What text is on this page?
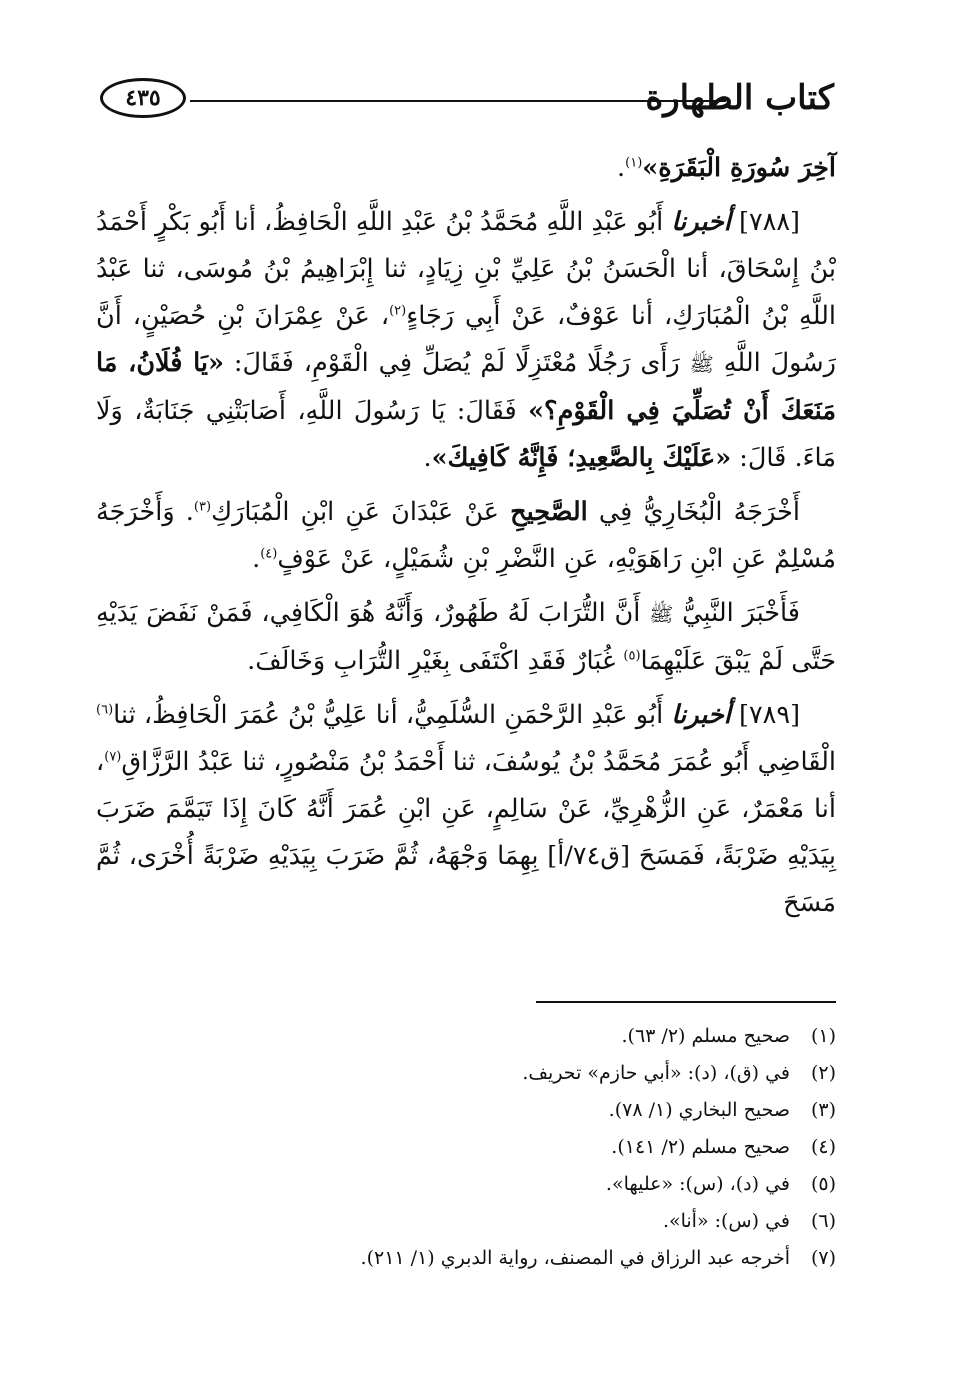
كتاب الطهارة
٤٣٥

آخِرَ سُورَةِ الْبَقَرَةِ»$^{(١)}$.

[٧٨٨] أخبرنا أَبُو عَبْدِ اللَّهِ مُحَمَّدُ بْنُ عَبْدِ اللَّهِ الْحَافِظُ، أنا أَبُو بَكْرٍ أَحْمَدُ بْنُ إِسْحَاقَ، أنا الْحَسَنُ بْنُ عَلِيِّ بْنِ زِيَادٍ، ثنا إِبْرَاهِيمُ بْنُ مُوسَى، ثنا عَبْدُ اللَّهِ بْنُ الْمُبَارَكِ، أنا عَوْفٌ، عَنْ أَبِي رَجَاءٍ$^{(٢)}$، عَنْ عِمْرَانَ بْنِ حُصَيْنٍ، أَنَّ رَسُولَ اللَّهِ ﷺ رَأَى رَجُلًا مُعْتَزِلًا لَمْ يُصَلِّ فِي الْقَوْمِ، فَقَالَ: «يَا فُلَانُ، مَا مَنَعَكَ أَنْ تُصَلِّيَ فِي الْقَوْمِ؟» فَقَالَ: يَا رَسُولَ اللَّهِ، أَصَابَتْنِي جَنَابَةٌ، وَلَا مَاءَ. قَالَ: «عَلَيْكَ بِالصَّعِيدِ؛ فَإِنَّهُ كَافِيكَ».

أَخْرَجَهُ الْبُخَارِيُّ فِي الصَّحِيحِ عَنْ عَبْدَانَ عَنِ ابْنِ الْمُبَارَكِ$^{(٣)}$. وَأَخْرَجَهُ مُسْلِمٌ عَنِ ابْنِ رَاهَوَيْهِ، عَنِ النَّضْرِ بْنِ شُمَيْلٍ، عَنْ عَوْفٍ$^{(٤)}$.

فَأَخْبَرَ النَّبِيُّ ﷺ أَنَّ التُّرَابَ لَهُ طَهُورٌ، وَأَنَّهُ هُوَ الْكَافِي، فَمَنْ نَفَضَ يَدَيْهِ حَتَّى لَمْ يَبْقَ عَلَيْهِمَا$^{(٥)}$ غُبَارٌ فَقَدِ اكْتَفَى بِغَيْرِ التُّرَابِ وَخَالَفَ.

[٧٨٩] أخبرنا أَبُو عَبْدِ الرَّحْمَنِ السُّلَمِيُّ، أنا عَلِيُّ بْنُ عُمَرَ الْحَافِظُ، ثنا$^{(٦)}$ الْقَاضِي أَبُو عُمَرَ مُحَمَّدُ بْنُ يُوسُفَ، ثنا أَحْمَدُ بْنُ مَنْصُورٍ، ثنا عَبْدُ الرَّزَّاقِ$^{(٧)}$، أنا مَعْمَرٌ، عَنِ الزُّهْرِيِّ، عَنْ سَالِمٍ، عَنِ ابْنِ عُمَرَ أَنَّهُ كَانَ إِذَا تَيَمَّمَ ضَرَبَ بِيَدَيْهِ ضَرْبَةً، فَمَسَحَ [ق٧٤/أ] بِهِمَا وَجْهَهُ، ثُمَّ ضَرَبَ بِيَدَيْهِ ضَرْبَةً أُخْرَى، ثُمَّ مَسَحَ

(١)
صحيح مسلم (٢/ ٦٣).
(٢)
في (ق)، (د): «أبي حازم» تحريف.
(٣)
صحيح البخاري (١/ ٧٨).
(٤)
صحيح مسلم (٢/ ١٤١).
(٥)
في (د)، (س): «عليها».
(٦)
في (س): «أنا».
(٧)
أخرجه عبد الرزاق في المصنف، رواية الدبري (١/ ٢١١).
